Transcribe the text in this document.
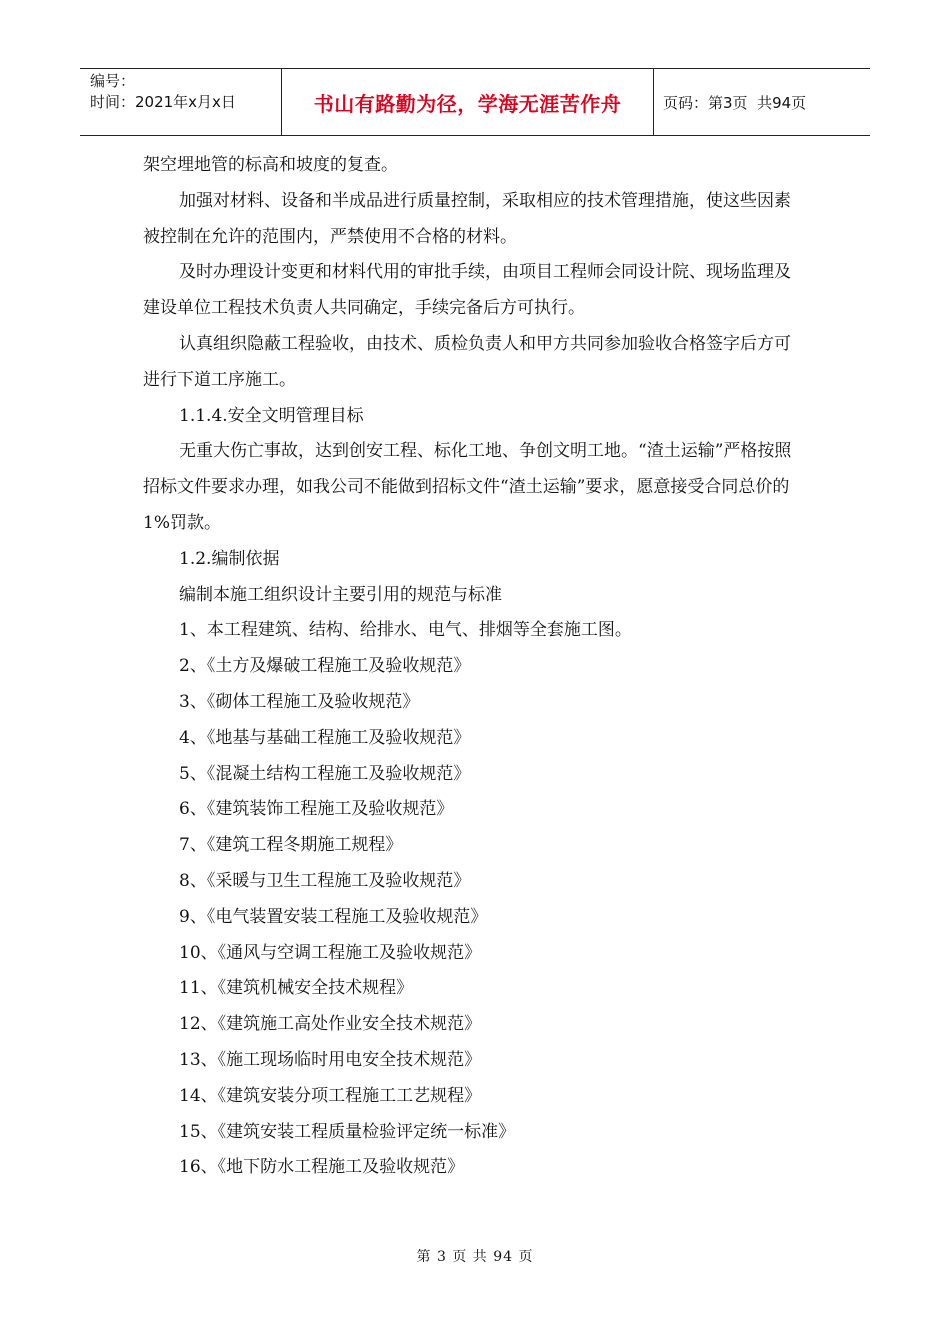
编号：
时间：2021年x月x日	书山有路勤为径，学海无涯苦作舟	页码：第3页  共94页

架空埋地管的标高和坡度的复查。

加强对材料、设备和半成品进行质量控制，采取相应的技术管理措施，使这些因素被控制在允许的范围内，严禁使用不合格的材料。

及时办理设计变更和材料代用的审批手续，由项目工程师会同设计院、现场监理及建设单位工程技术负责人共同确定，手续完备后方可执行。

认真组织隐蔽工程验收，由技术、质检负责人和甲方共同参加验收合格签字后方可进行下道工序施工。

1.1.4.安全文明管理目标

无重大伤亡事故，达到创安工程、标化工地、争创文明工地。“渣土运输”严格按照招标文件要求办理，如我公司不能做到招标文件“渣土运输”要求，愿意接受合同总价的1%罚款。

1.2.编制依据

编制本施工组织设计主要引用的规范与标准

1、本工程建筑、结构、给排水、电气、排烟等全套施工图。

2、《土方及爆破工程施工及验收规范》

3、《砌体工程施工及验收规范》

4、《地基与基础工程施工及验收规范》

5、《混凝土结构工程施工及验收规范》

6、《建筑装饰工程施工及验收规范》

7、《建筑工程冬期施工规程》

8、《采暖与卫生工程施工及验收规范》

9、《电气装置安装工程施工及验收规范》

10、《通风与空调工程施工及验收规范》

11、《建筑机械安全技术规程》

12、《建筑施工高处作业安全技术规范》

13、《施工现场临时用电安全技术规范》

14、《建筑安装分项工程施工工艺规程》

15、《建筑安装工程质量检验评定统一标准》

16、《地下防水工程施工及验收规范》

第 3 页 共 94 页
